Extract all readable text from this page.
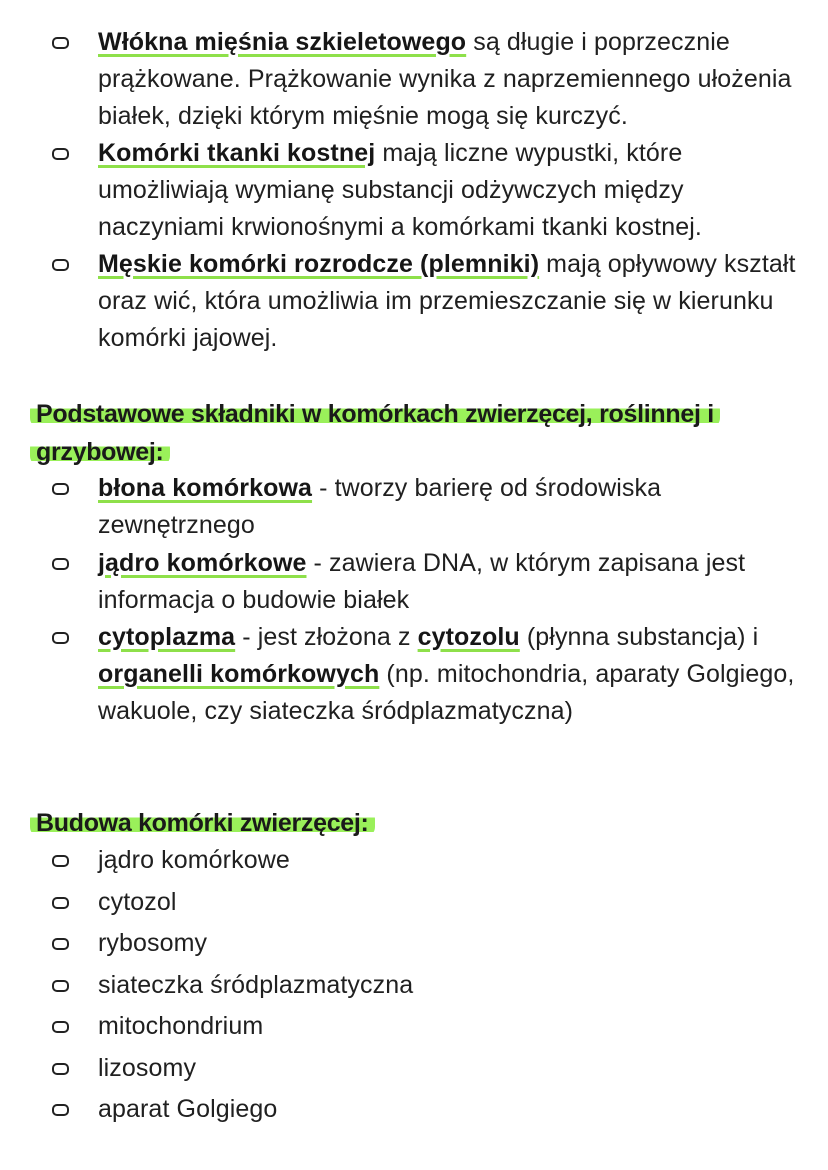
Włókna mięśnia szkieletowego są długie i poprzecznie prążkowane. Prążkowanie wynika z naprzemiennego ułożenia białek, dzięki którym mięśnie mogą się kurczyć.
Komórki tkanki kostnej mają liczne wypustki, które umożliwiają wymianę substancji odżywczych między naczyniami krwionośnymi a komórkami tkanki kostnej.
Męskie komórki rozrodcze (plemniki) mają opływowy kształt oraz wić, która umożliwia im przemieszczanie się w kierunku komórki jajowej.
Podstawowe składniki w komórkach zwierzęcej, roślinnej i grzybowej:
błona komórkowa - tworzy barierę od środowiska zewnętrznego
jądro komórkowe - zawiera DNA, w którym zapisana jest informacja o budowie białek
cytoplazma - jest złożona z cytozolu (płynna substancja) i organelli komórkowych (np. mitochondria, aparaty Golgiego, wakuole, czy siateczka śródplazmatyczna)
Budowa komórki zwierzęcej:
jądro komórkowe
cytozol
rybosomy
siateczka śródplazmatyczna
mitochondrium
lizosomy
aparat Golgiego
